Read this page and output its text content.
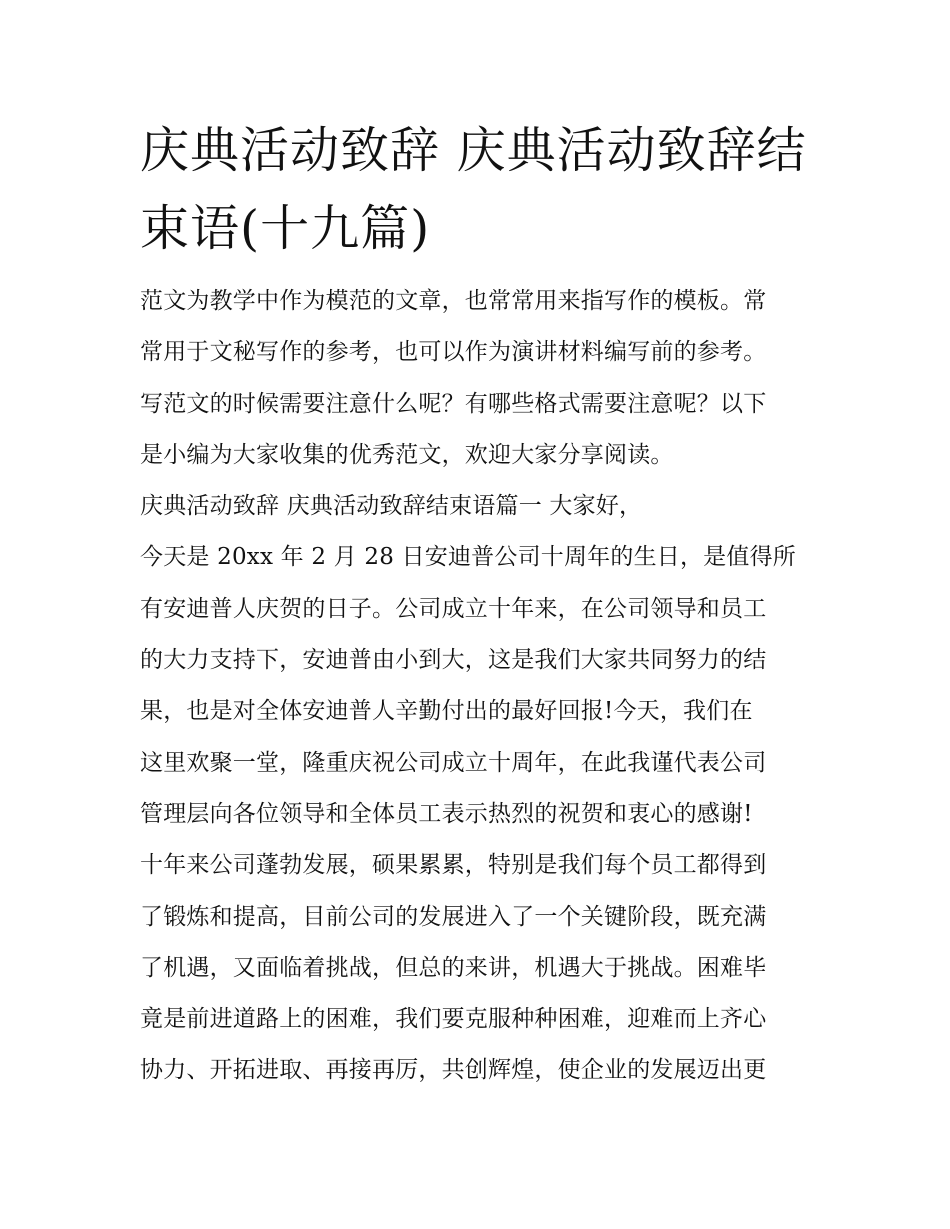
庆典活动致辞 庆典活动致辞结
束语(十九篇)
范文为教学中作为模范的文章，也常常用来指写作的模板。常
常用于文秘写作的参考，也可以作为演讲材料编写前的参考。
写范文的时候需要注意什么呢？有哪些格式需要注意呢？以下
是小编为大家收集的优秀范文，欢迎大家分享阅读。
庆典活动致辞 庆典活动致辞结束语篇一 大家好，
今天是 20xx 年 2 月 28 日安迪普公司十周年的生日，是值得所
有安迪普人庆贺的日子。公司成立十年来，在公司领导和员工
的大力支持下，安迪普由小到大，这是我们大家共同努力的结
果，也是对全体安迪普人辛勤付出的最好回报!今天，我们在
这里欢聚一堂，隆重庆祝公司成立十周年，在此我谨代表公司
管理层向各位领导和全体员工表示热烈的祝贺和衷心的感谢!
十年来公司蓬勃发展，硕果累累，特别是我们每个员工都得到
了锻炼和提高，目前公司的发展进入了一个关键阶段，既充满
了机遇，又面临着挑战，但总的来讲，机遇大于挑战。困难毕
竟是前进道路上的困难，我们要克服种种困难，迎难而上齐心
协力、开拓进取、再接再厉，共创辉煌，使企业的发展迈出更
